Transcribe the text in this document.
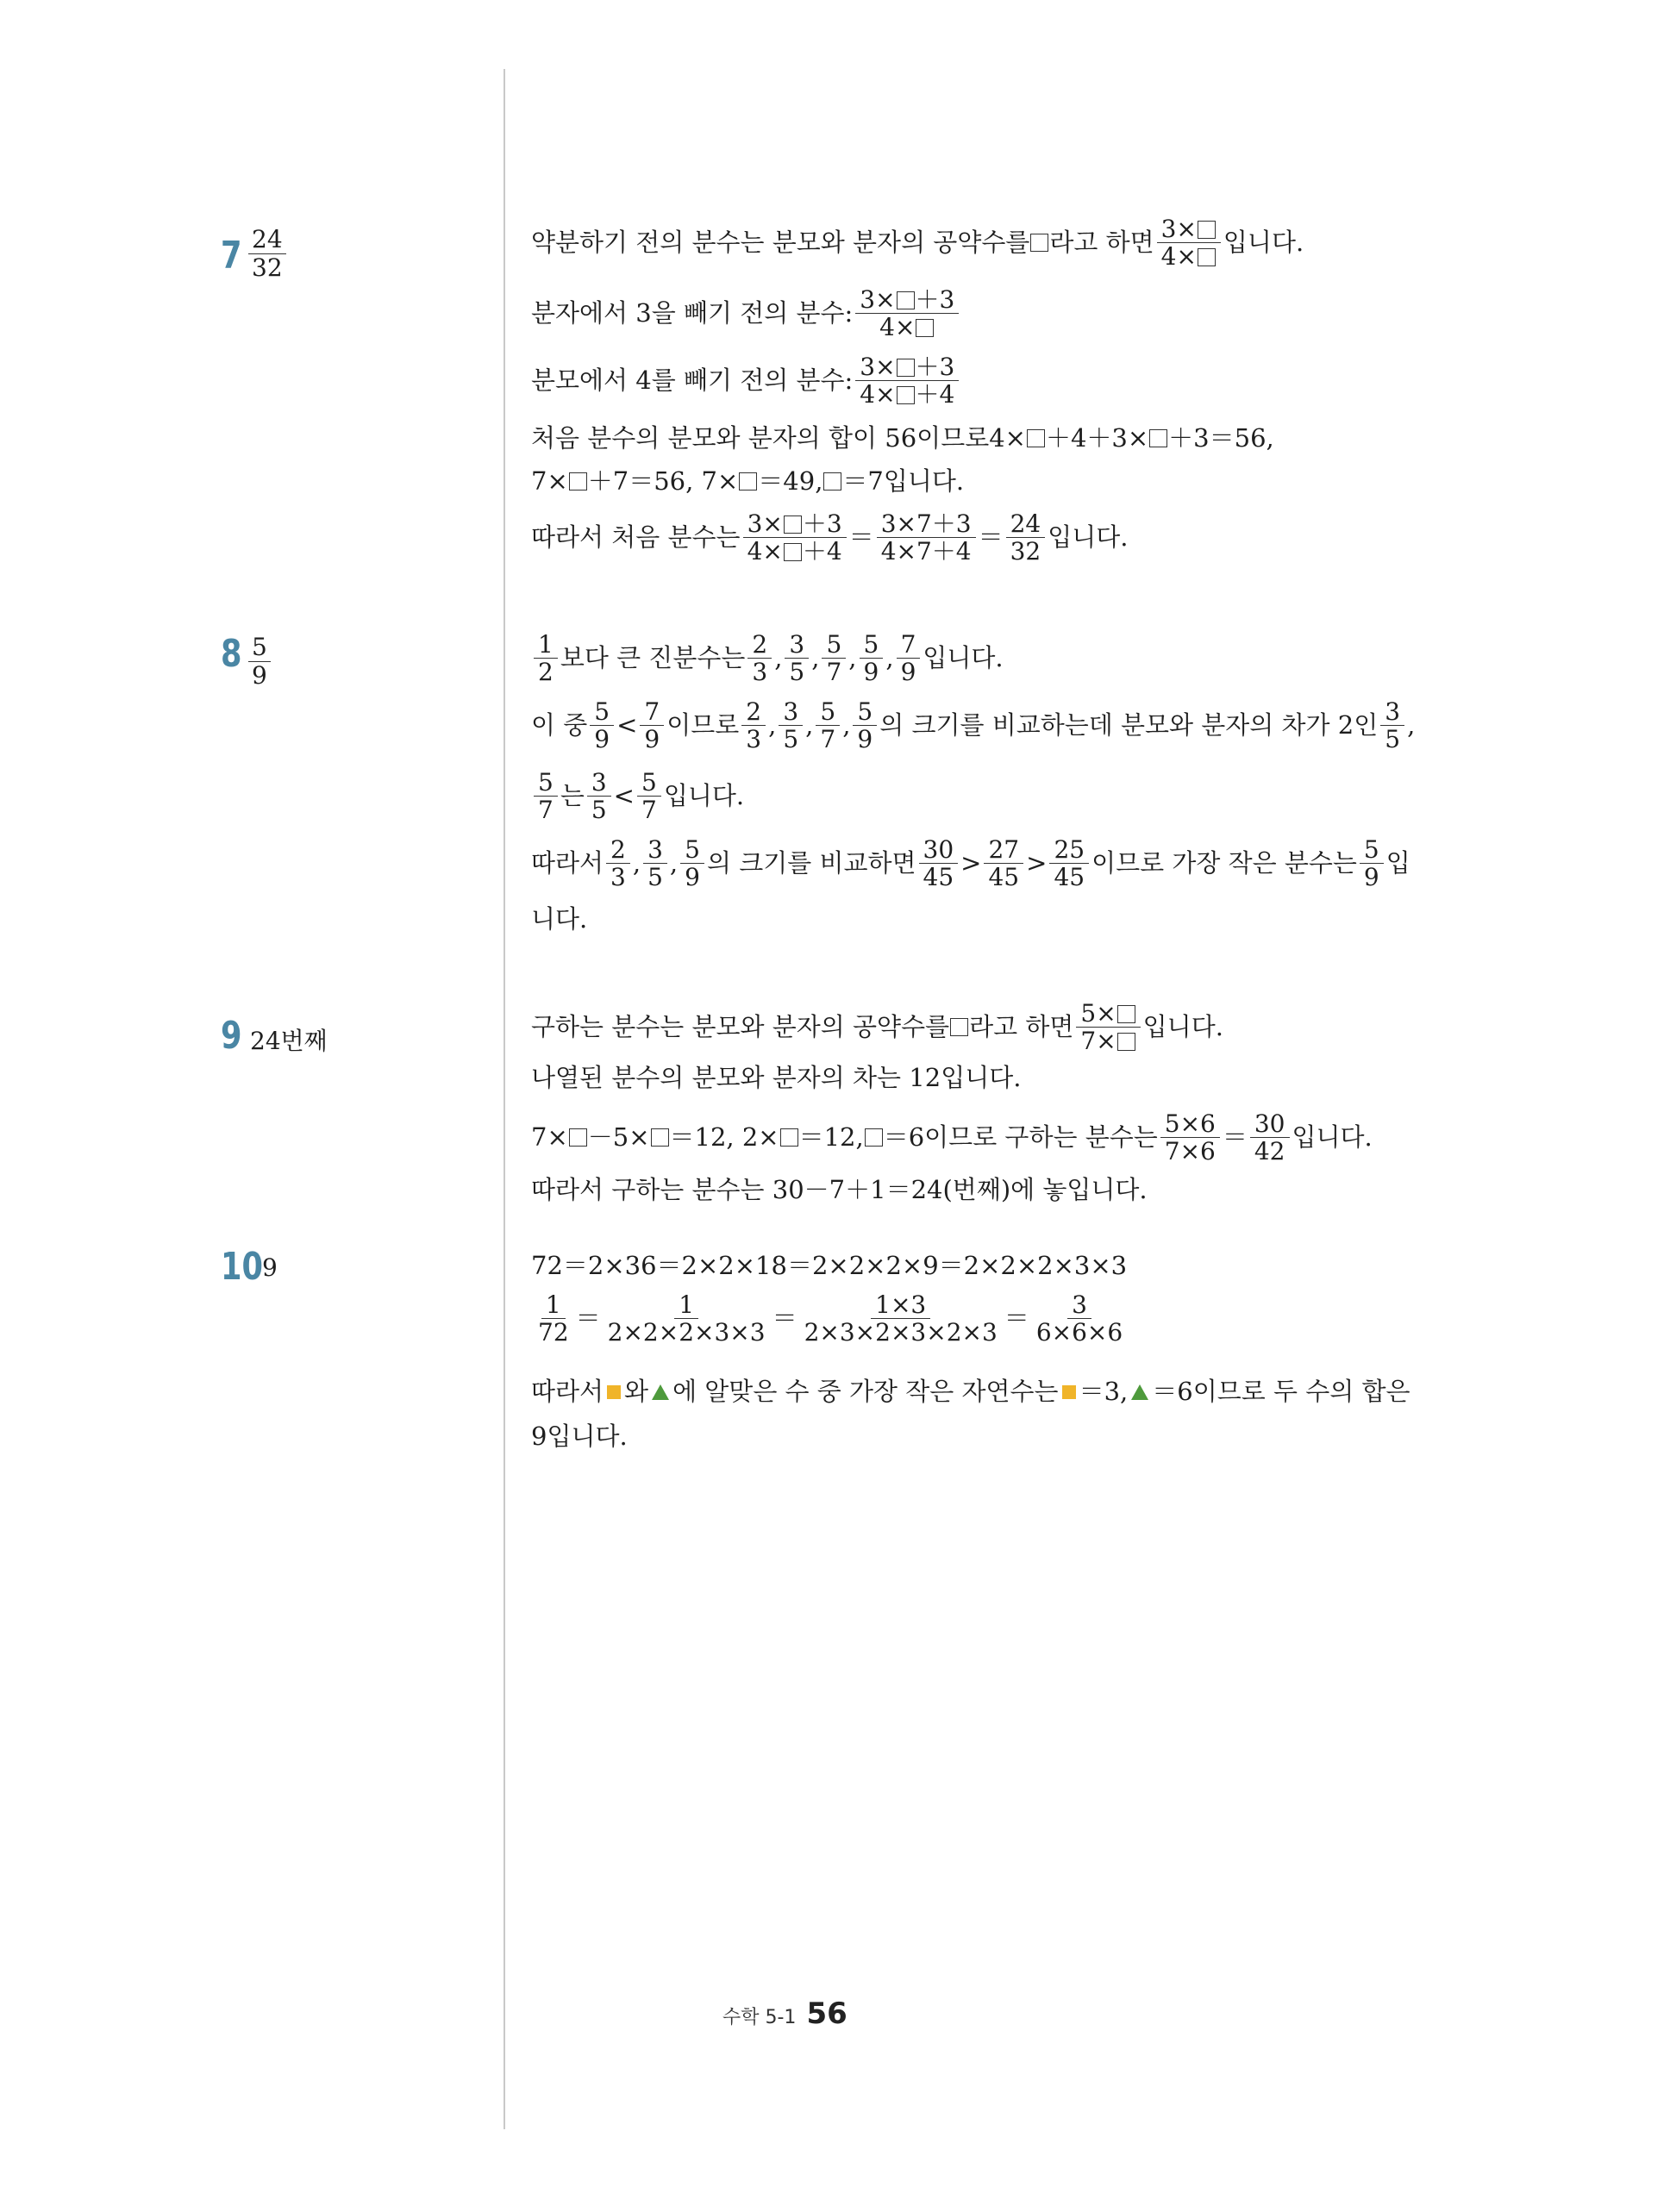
$7 \frac{24}{32}$	약분하기 전의 분수는 분모와 분자의 공약수를 라고 하면 $\frac{3\times}{4\times}$ 입니다.
분자에서 3을 빼기 전의 분수: $\frac{3\times +3}{4\times}$
분모에서 4를 빼기 전의 분수: $\frac{3\times +3}{4\times +4}$
처음 분수의 분모와 분자의 합이 56이므로 4× ＋4＋3× ＋3＝56,
7× ＋7＝56, 7× ＝49, ＝7입니다.
따라서 처음 분수는 $\frac{3\times +3}{4\times +4} = \frac{3\times 7+3}{4\times 7+4} = \frac{24}{32}$ 입니다.
$8 \frac{5}{9}$	$\frac{1}{2}$ 보다 큰 진분수는 $\frac{2}{3}$ , $\frac{3}{5}$ , $\frac{5}{7}$ , $\frac{5}{9}$ , $\frac{7}{9}$ 입니다.
이 중 $\frac{5}{9} < \frac{7}{9}$ 이므로 $\frac{2}{3}$ , $\frac{3}{5}$ , $\frac{5}{7}$ , $\frac{5}{9}$ 의 크기를 비교하는데 분모와 분자의 차가 2인 $\frac{3}{5}$ ,
$\frac{5}{7}$ 는 $\frac{3}{5} < \frac{5}{7}$ 입니다.
따라서 $\frac{2}{3}$ , $\frac{3}{5}$ , $\frac{5}{9}$ 의 크기를 비교하면 $\frac{30}{45} > \frac{27}{45} > \frac{25}{45}$ 이므로 가장 작은 분수는 $\frac{5}{9}$ 입
니다.
9 24번째	구하는 분수는 분모와 분자의 공약수를 라고 하면 $\frac{5\times}{7\times}$ 입니다.
나열된 분수의 분모와 분자의 차는 12입니다.
7× －5× ＝12, 2× ＝12, ＝6 이므로 구하는 분수는 $\frac{5\times 6}{7\times 6} = \frac{30}{42}$ 입니다.
따라서 구하는 분수는 30－7＋1＝24(번째)에 놓입니다.
10 9	72＝2×36＝2×2×18＝2×2×2×9＝2×2×2×3×3
$\frac{1}{72} = \frac{1}{2\times 2\times 2\times 3\times 3} = \frac{1\times 3}{2\times 3\times 2\times 3\times 2\times 3} = \frac{3}{6\times 6\times 6}$
따라서 와 에 알맞은 수 중 가장 작은 자연수는 ＝3, ＝6이므로 두 수의 합은
9입니다.
수학 5-1 56
